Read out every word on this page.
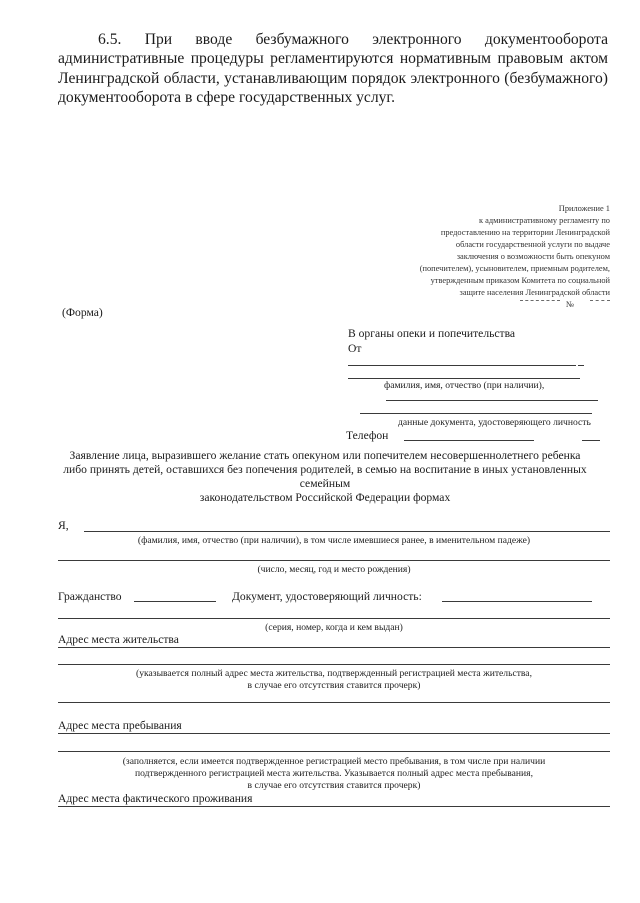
6.5. При вводе безбумажного электронного документооборота
административные процедуры регламентируются нормативным правовым актом
Ленинградской области, устанавливающим порядок электронного (безбумажного)
документооборота в сфере государственных услуг.
Приложение 1
к административному регламенту по
предоставлению на территории Ленинградской
области государственной услуги по выдаче
заключения о возможности быть опекуном
(попечителем), усыновителем, приемным родителем,
утвержденным приказом Комитета по социальной
защите населения Ленинградской области
№
(Форма)
В органы опеки и попечительства
От
фамилия, имя, отчество (при наличии),
данные документа, удостоверяющего личность
Телефон
Заявление лица, выразившего желание стать опекуном или попечителем несовершеннолетнего ребенка
либо принять детей, оставшихся без попечения родителей, в семью на воспитание в иных установленных
семейным
законодательством Российской Федерации формах
Я,
(фамилия, имя, отчество (при наличии), в том числе имевшиеся ранее, в именительном падеже)
(число, месяц, год и место рождения)
Гражданство	Документ, удостоверяющий личность:
(серия, номер, когда и кем выдан)
Адрес места жительства
(указывается полный адрес места жительства, подтвержденный регистрацией места жительства,
в случае его отсутствия ставится прочерк)
Адрес места пребывания
(заполняется, если имеется подтвержденное регистрацией место пребывания, в том числе при наличии
подтвержденного регистрацией места жительства. Указывается полный адрес места пребывания,
в случае его отсутствия ставится прочерк)
Адрес места фактического проживания
